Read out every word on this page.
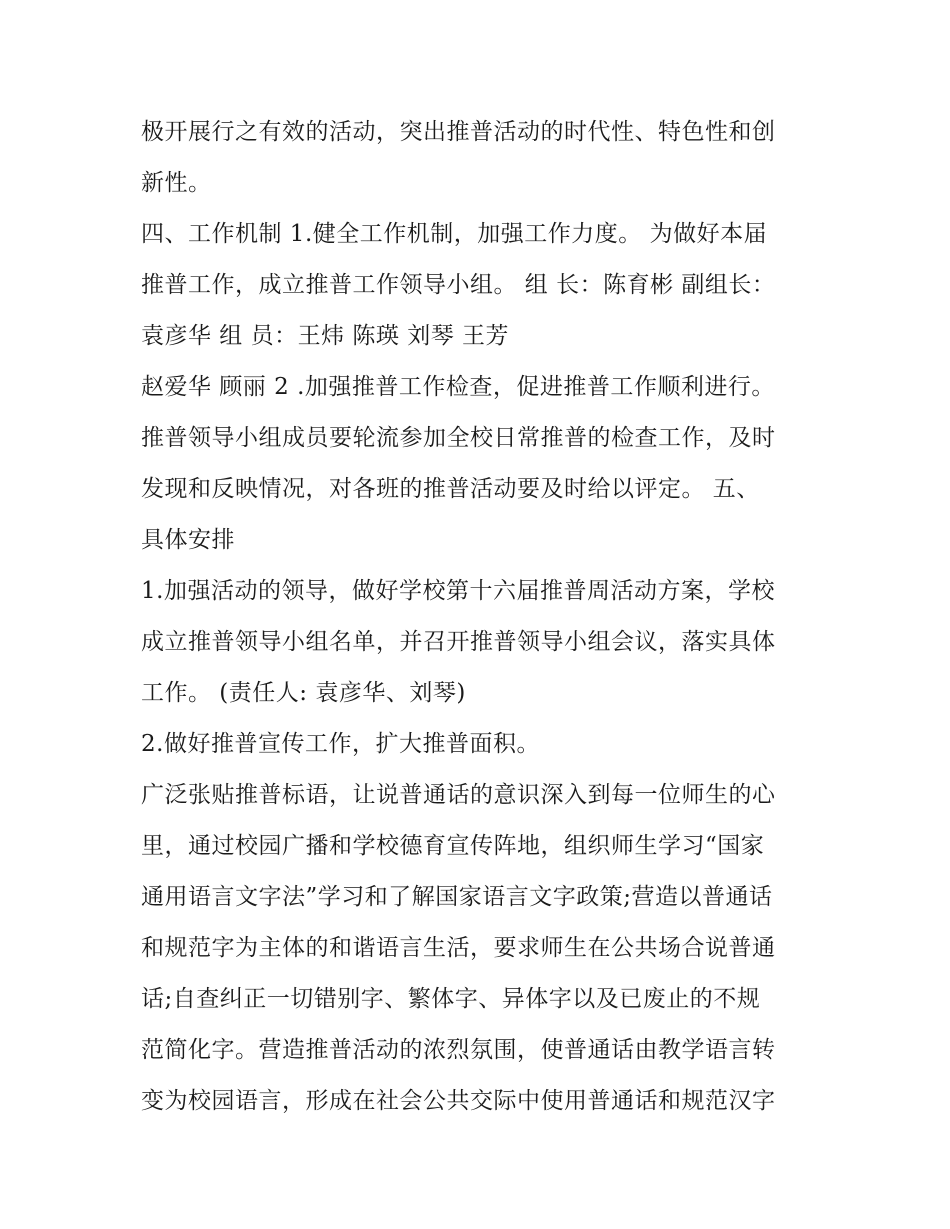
极开展行之有效的活动，突出推普活动的时代性、特色性和创
新性。
四、工作机制 1.健全工作机制，加强工作力度。 为做好本届
推普工作，成立推普工作领导小组。 组 长：陈育彬 副组长：
袁彦华 组 员：王炜 陈瑛 刘琴 王芳
赵爱华 顾丽 2 .加强推普工作检查，促进推普工作顺利进行。
推普领导小组成员要轮流参加全校日常推普的检查工作，及时
发现和反映情况，对各班的推普活动要及时给以评定。 五、
具体安排
1.加强活动的领导，做好学校第十六届推普周活动方案，学校
成立推普领导小组名单，并召开推普领导小组会议，落实具体
工作。 (责任人: 袁彦华、刘琴)
2.做好推普宣传工作，扩大推普面积。
广泛张贴推普标语，让说普通话的意识深入到每一位师生的心
里，通过校园广播和学校德育宣传阵地，组织师生学习“国家
通用语言文字法”学习和了解国家语言文字政策;营造以普通话
和规范字为主体的和谐语言生活，要求师生在公共场合说普通
话;自查纠正一切错别字、繁体字、异体字以及已废止的不规
范简化字。营造推普活动的浓烈氛围，使普通话由教学语言转
变为校园语言，形成在社会公共交际中使用普通话和规范汉字
